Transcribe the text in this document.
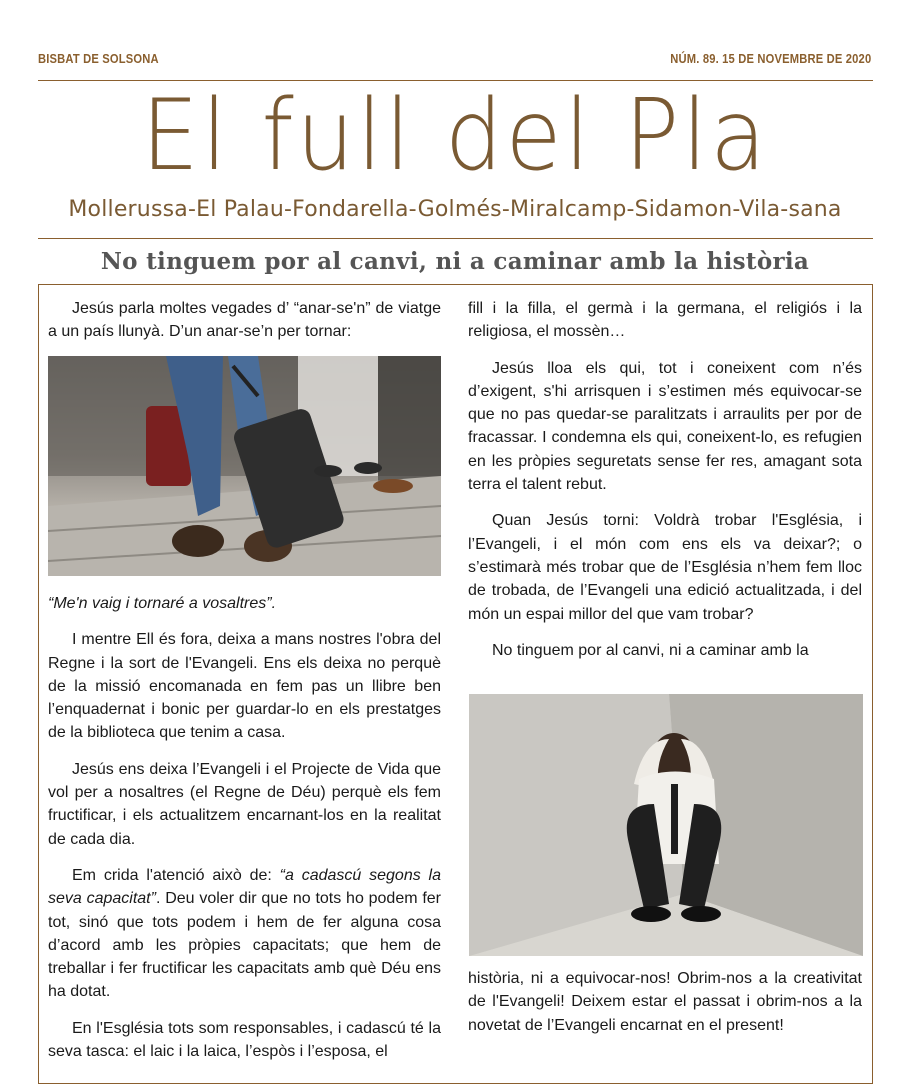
BISBAT DE SOLSONA	NÚM. 89. 15 DE NOVEMBRE DE 2020
El full del Pla
Mollerussa-El Palau-Fondarella-Golmés-Miralcamp-Sidamon-Vila-sana
No tinguem por al canvi, ni a caminar amb la història

Jesús parla moltes vegades d’ “anar-se'n” de viatge a un país llunyà. D’un anar-se’n per tornar:

“Me'n vaig i tornaré a vosaltres”.

I mentre Ell és fora, deixa a mans nostres l'obra del Regne i la sort de l'Evangeli. Ens els deixa no perquè de la missió encomanada en fem pas un llibre ben l’enquadernat i bonic per guardar-lo en els prestatges de la biblioteca que tenim a casa.

Jesús ens deixa l’Evangeli i el Projecte de Vida que vol per a nosaltres (el Regne de Déu) perquè els fem fructificar, i els actualitzem encarnant-los en la realitat de cada dia.

Em crida l'atenció això de: “a cadascú segons la seva capacitat”. Deu voler dir que no tots ho podem fer tot, sinó que tots podem i hem de fer alguna cosa d’acord amb les pròpies capacitats; que hem de treballar i fer fructificar les capacitats amb què Déu ens ha dotat.

En l'Església tots som responsables, i cadascú té la seva tasca: el laic i la laica, l’espòs i l’esposa, el

fill i la filla, el germà i la germana, el religiós i la religiosa, el mossèn…

Jesús lloa els qui, tot i coneixent com n’és d’exigent, s'hi arrisquen i s’estimen més equivocar-se que no pas quedar-se paralitzats i arraulits per por de fracassar. I condemna els qui, coneixent-lo, es refugien en les pròpies seguretats sense fer res, amagant sota terra el talent rebut.

Quan Jesús torni: Voldrà trobar l'Església, i l’Evangeli, i el món com ens els va deixar?; o s’estimarà més trobar que de l’Església n’hem fem lloc de trobada, de l’Evangeli una edició actualitzada, i del món un espai millor del que vam trobar?

No tinguem por al canvi, ni a caminar amb la

història, ni a equivocar-nos! Obrim-nos a la creativitat de l'Evangeli! Deixem estar el passat i obrim-nos a la novetat de l’Evangeli encarnat en el present!
